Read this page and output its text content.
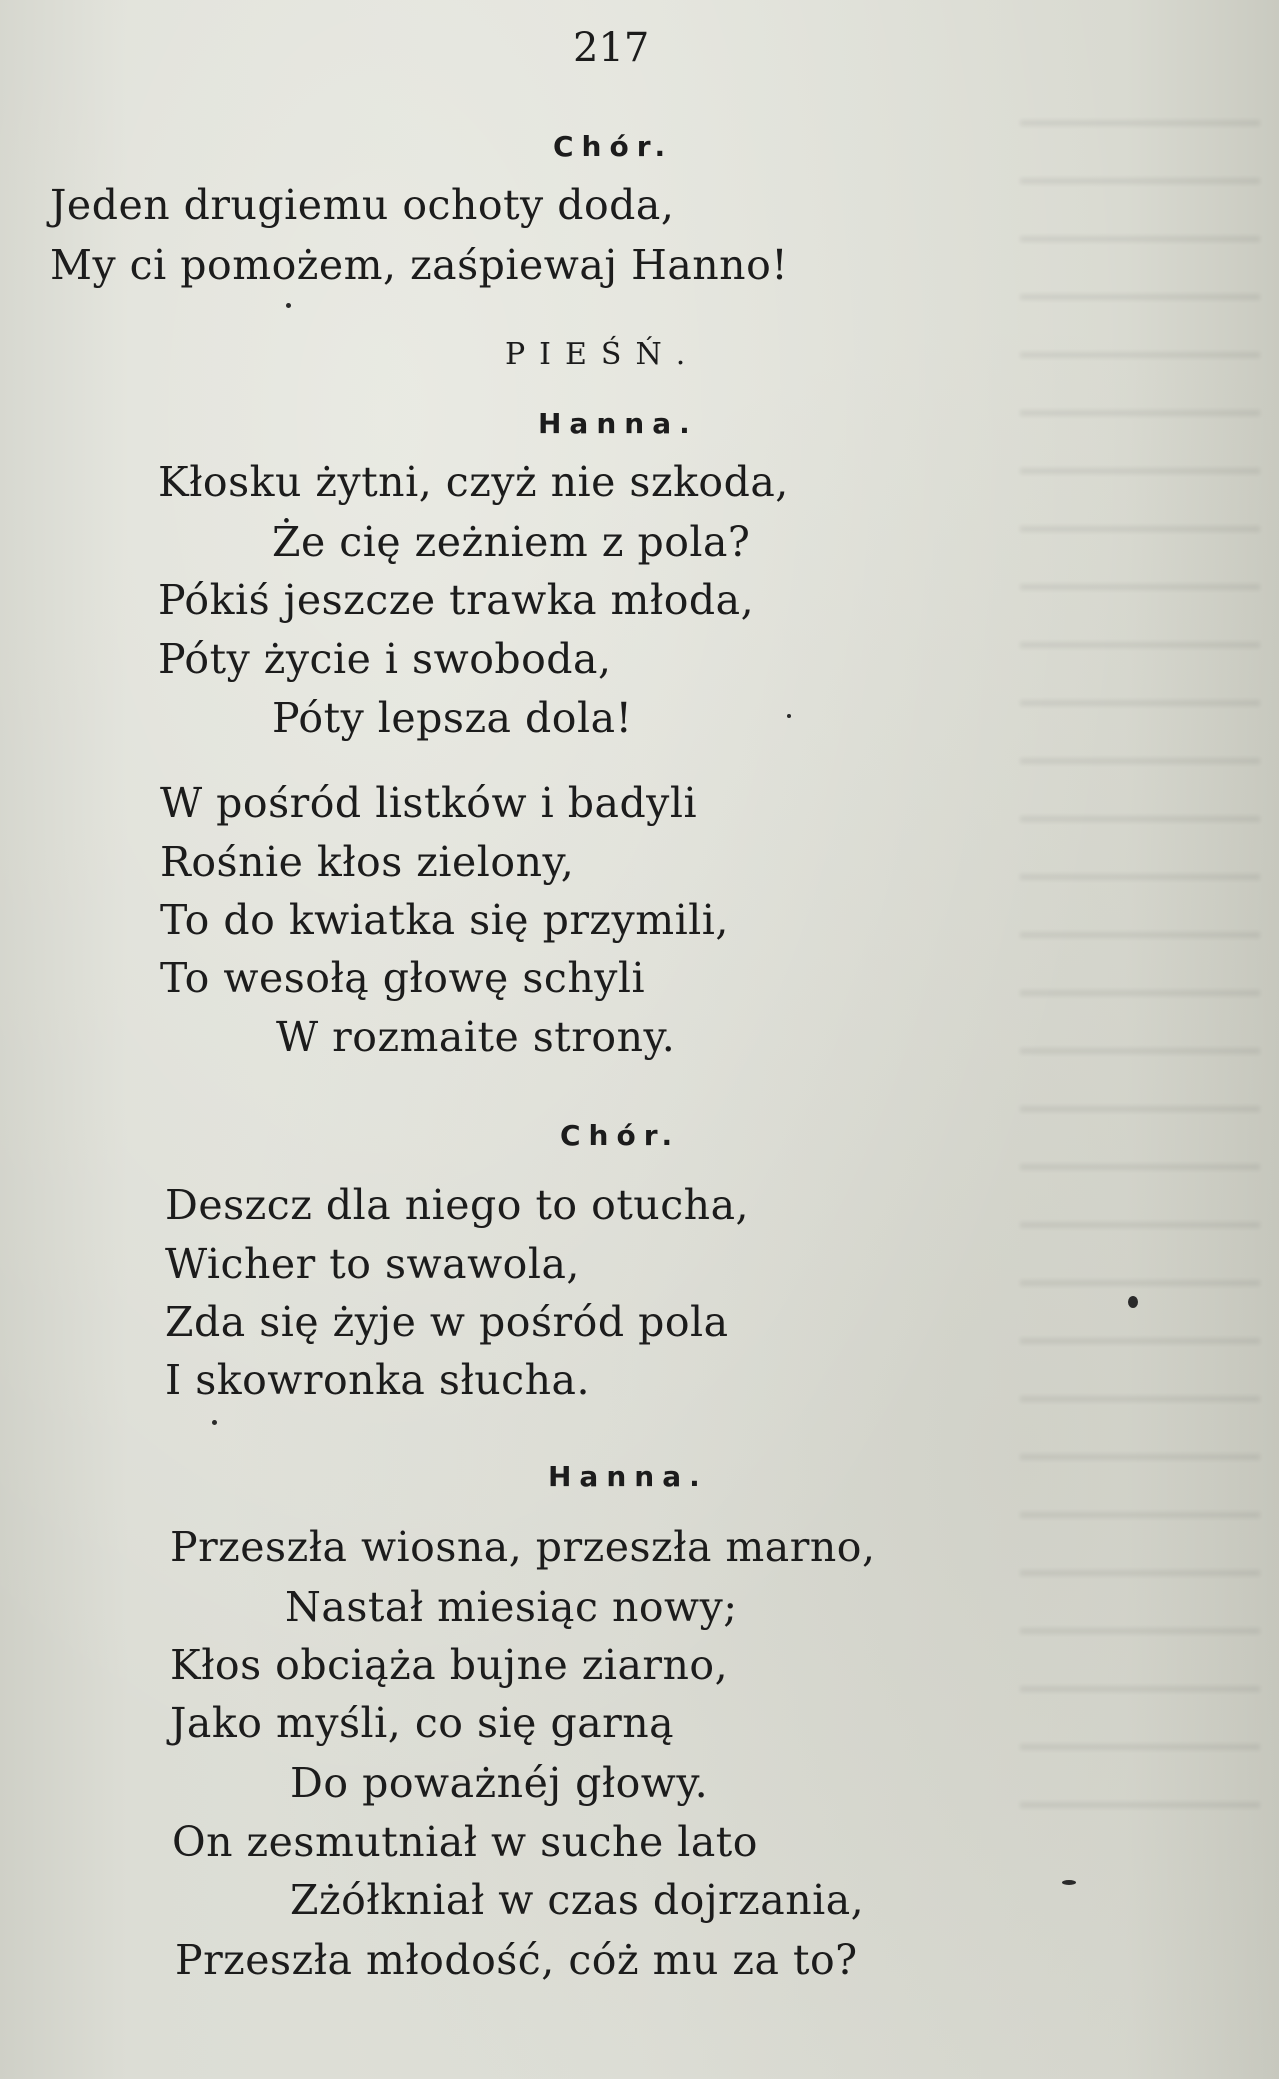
217
Chór.
Jeden drugiemu ochoty doda,
My ci pomożem, zaśpiewaj Hanno!
PIEŚŃ.
Hanna.
Kłosku żytni, czyż nie szkoda,
Że cię zeżniem z pola?
Pókiś jeszcze trawka młoda,
Póty życie i swoboda,
Póty lepsza dola!
W pośród listków i badyli
Rośnie kłos zielony,
To do kwiatka się przymili,
To wesołą głowę schyli
W rozmaite strony.
Chór.
Deszcz dla niego to otucha,
Wicher to swawola,
Zda się żyje w pośród pola
I skowronka słucha.
Hanna.
Przeszła wiosna, przeszła marno,
Nastał miesiąc nowy;
Kłos obciąża bujne ziarno,
Jako myśli, co się garną
Do poważnéj głowy.
On zesmutniał w suche lato
Zżółkniał w czas dojrzania,
Przeszła młodość, cóż mu za to?
